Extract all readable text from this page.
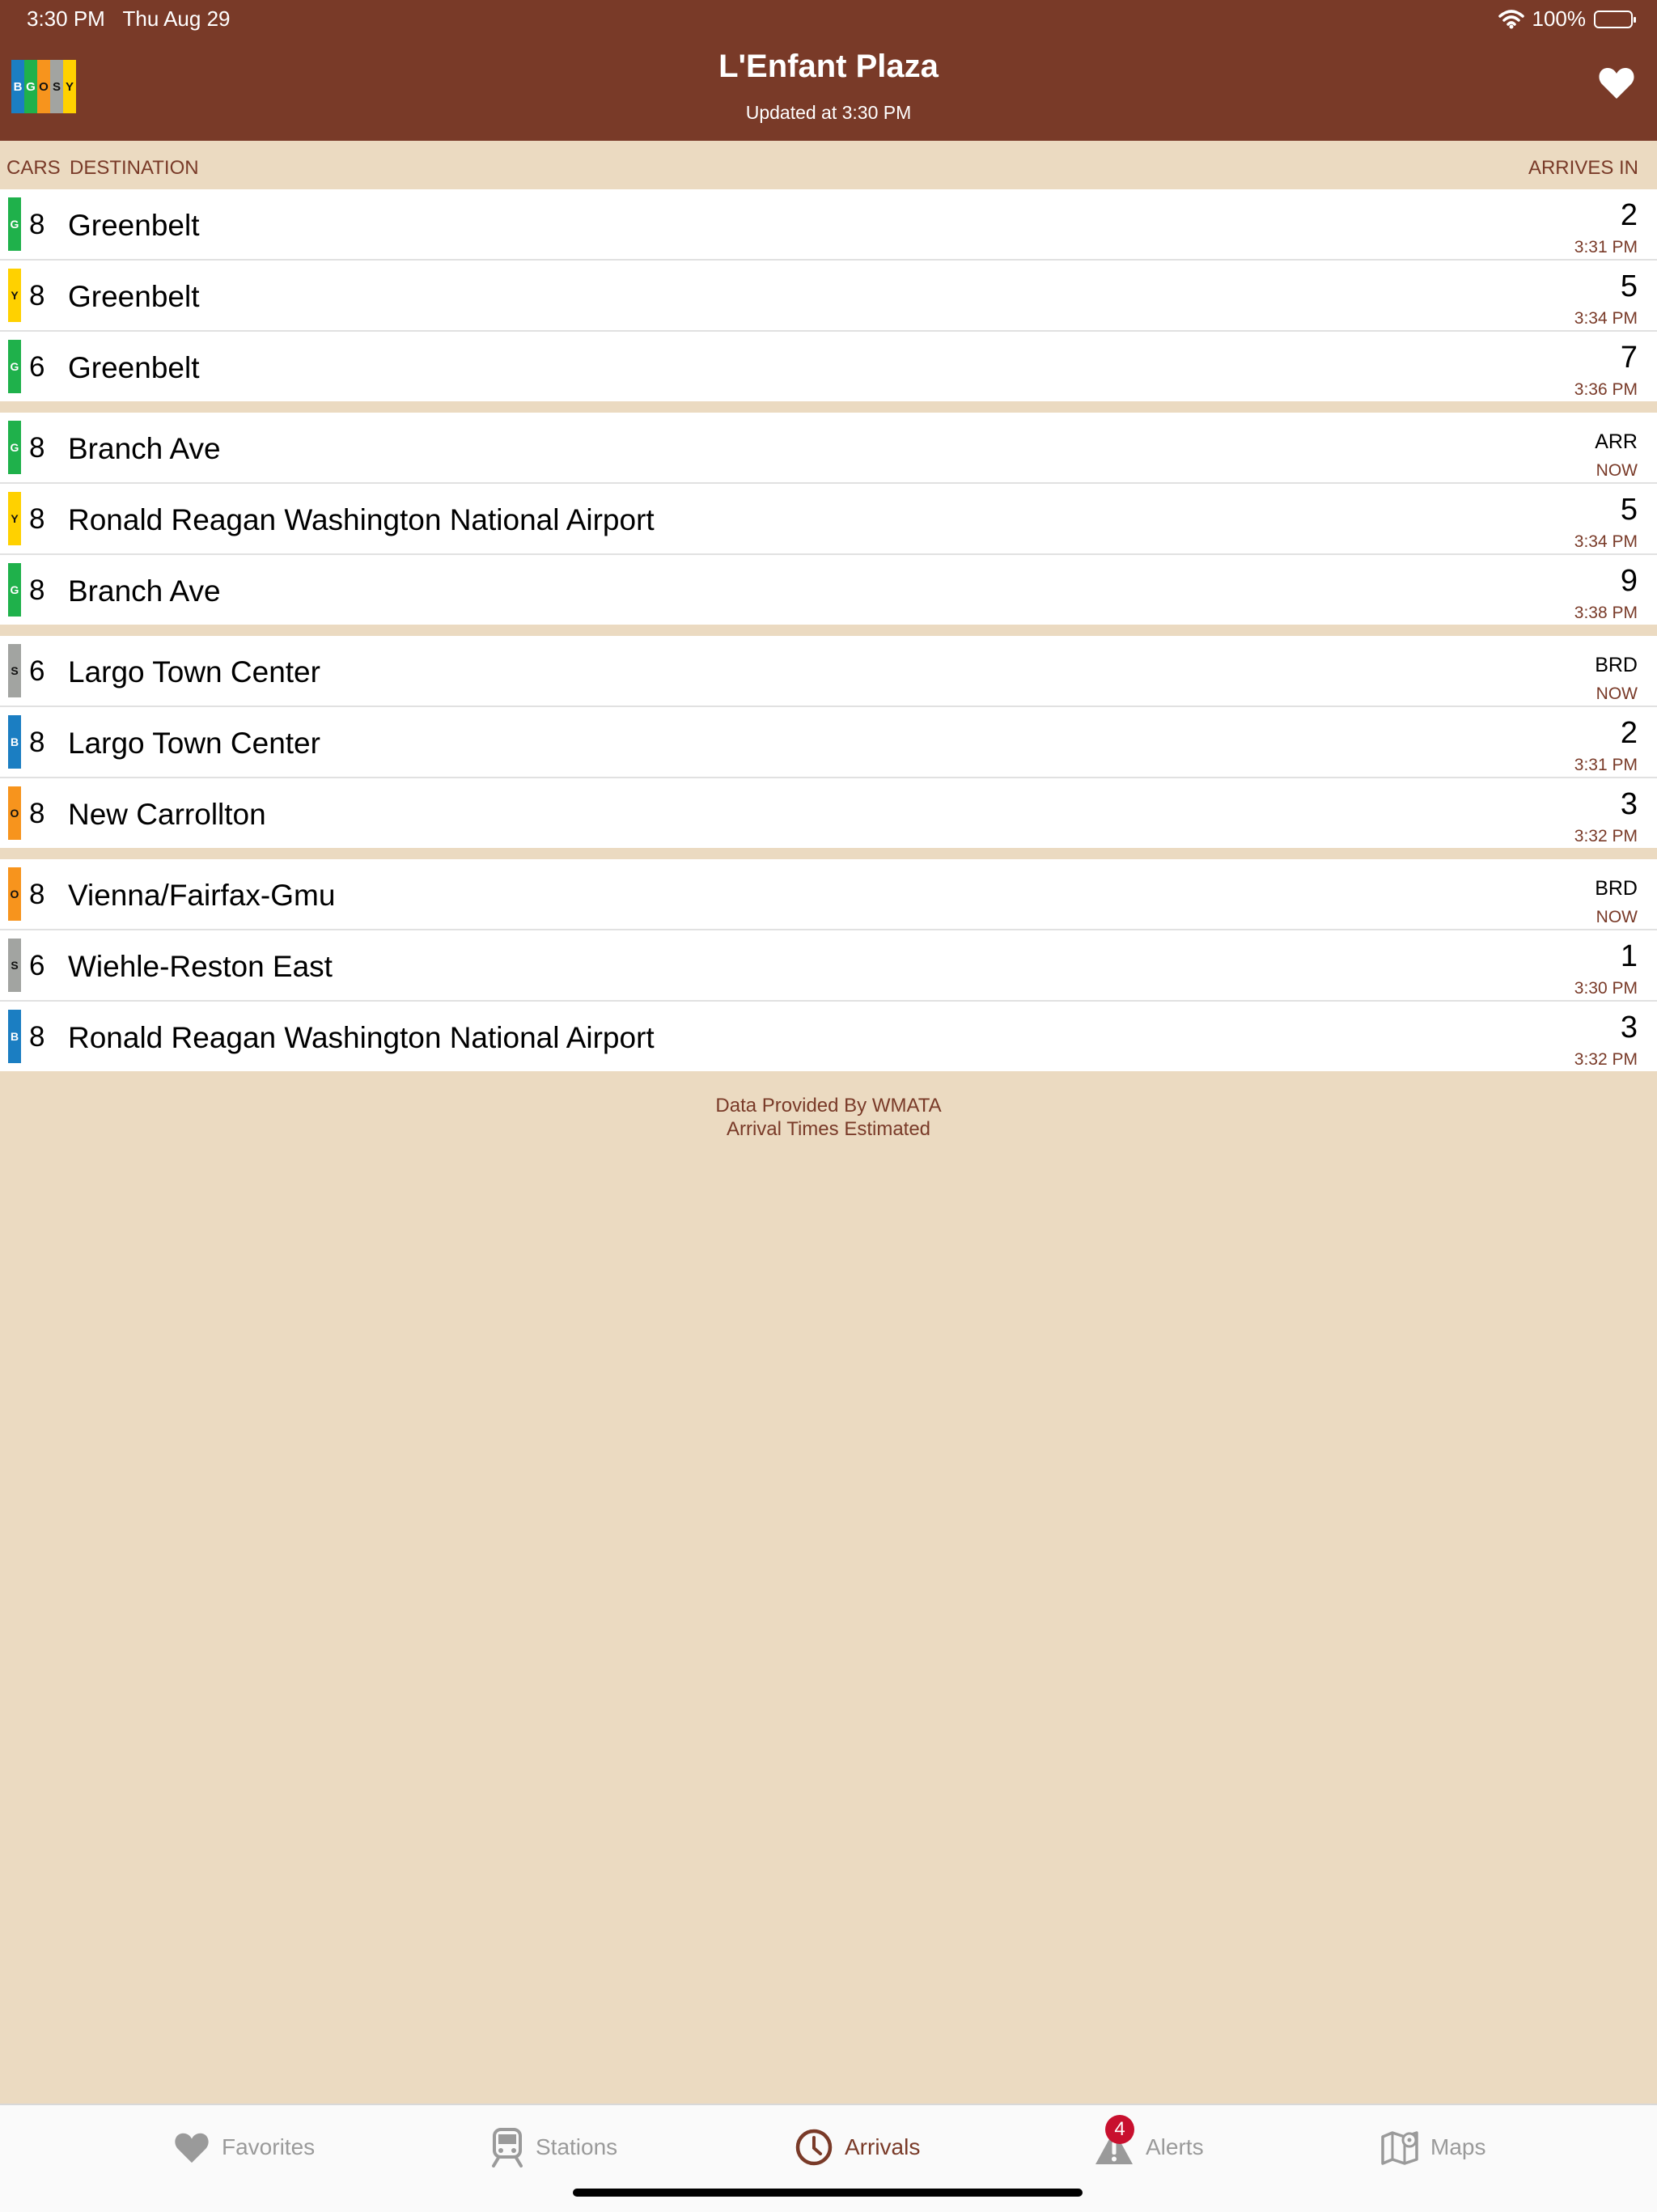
3:30 PM Thu Aug 29	100%
B G O S Y
L'Enfant Plaza
Updated at 3:30 PM
CARS DESTINATION	ARRIVES IN
G 8 Greenbelt	2
3:31 PM
Y 8 Greenbelt	5
3:34 PM
G 6 Greenbelt	7
3:36 PM
G 8 Branch Ave	ARR
NOW
Y 8 Ronald Reagan Washington National Airport	5
3:34 PM
G 8 Branch Ave	9
3:38 PM
S 6 Largo Town Center	BRD
NOW
B 8 Largo Town Center	2
3:31 PM
O 8 New Carrollton	3
3:32 PM
O 8 Vienna/Fairfax-Gmu	BRD
NOW
S 6 Wiehle-Reston East	1
3:30 PM
B 8 Ronald Reagan Washington National Airport	3
3:32 PM
Data Provided By WMATA
Arrival Times Estimated
Favorites	Stations	Arrivals	Alerts	Maps
4
